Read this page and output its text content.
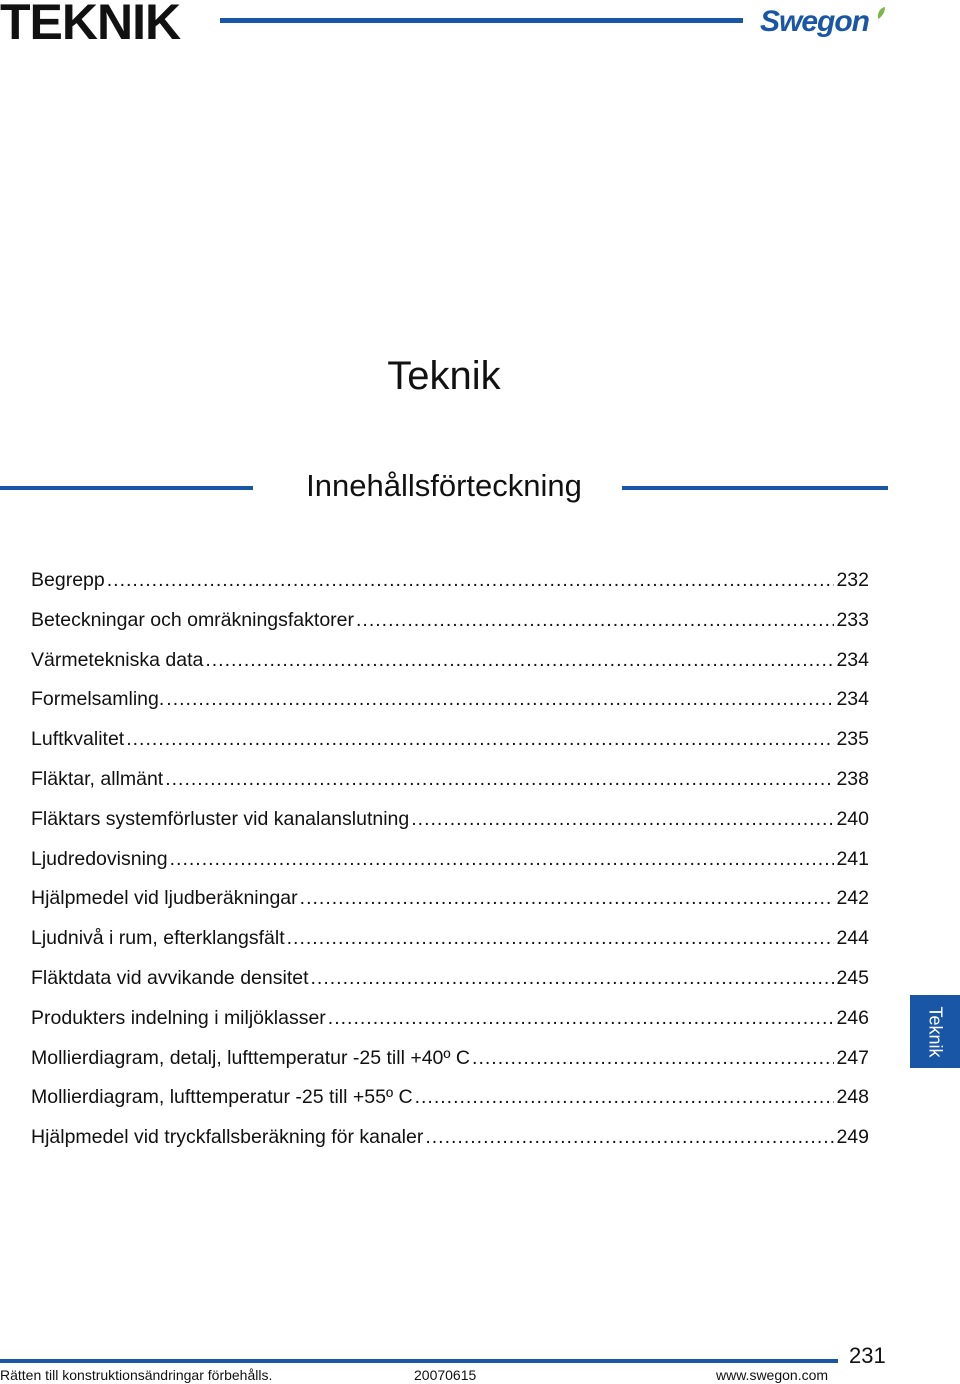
TEKNIK	Swegon
Teknik
Innehållsförteckning
Begrepp .....	232
Beteckningar och omräkningsfaktorer .....	233
Värmetekniska data .....	234
Formelsamling. .....	234
Luftkvalitet .....	235
Fläktar, allmänt .....	238
Fläktars systemförluster vid kanalanslutning .....	240
Ljudredovisning .....	241
Hjälpmedel vid ljudberäkningar .....	242
Ljudnivå i rum, efterklangsfält .....	244
Fläktdata vid avvikande densitet .....	245
Produkters indelning i miljöklasser .....	246
Mollierdiagram, detalj, lufttemperatur -25 till +40º C .....	247
Mollierdiagram, lufttemperatur -25 till +55º C .....	248
Hjälpmedel vid tryckfallsberäkning för kanaler .....	249
Teknik
231
Rätten till konstruktionsändringar förbehålls.	20070615	www.swegon.com
